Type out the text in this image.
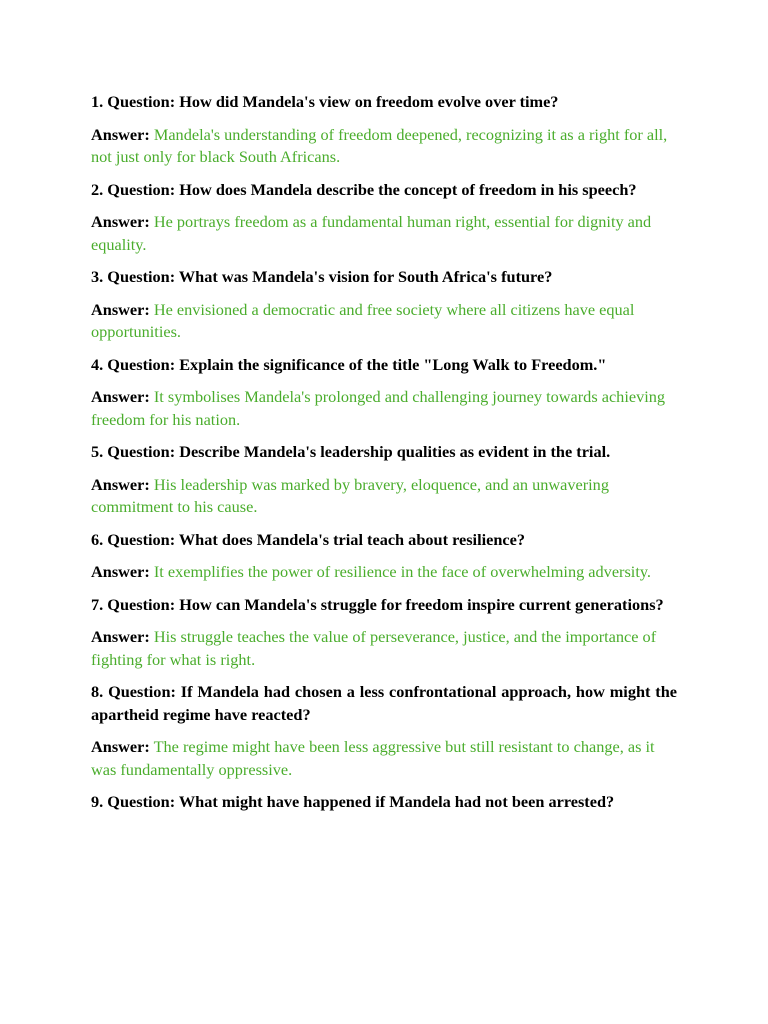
1. Question: How did Mandela's view on freedom evolve over time?

Answer: Mandela's understanding of freedom deepened, recognizing it as a right for all, not just only for black South Africans.

2. Question: How does Mandela describe the concept of freedom in his speech?

Answer: He portrays freedom as a fundamental human right, essential for dignity and equality.

3. Question: What was Mandela's vision for South Africa's future?

Answer: He envisioned a democratic and free society where all citizens have equal opportunities.

4. Question: Explain the significance of the title "Long Walk to Freedom."

Answer: It symbolises Mandela's prolonged and challenging journey towards achieving freedom for his nation.

5. Question: Describe Mandela's leadership qualities as evident in the trial.

Answer: His leadership was marked by bravery, eloquence, and an unwavering commitment to his cause.

6. Question: What does Mandela's trial teach about resilience?

Answer: It exemplifies the power of resilience in the face of overwhelming adversity.

7. Question: How can Mandela's struggle for freedom inspire current generations?

Answer: His struggle teaches the value of perseverance, justice, and the importance of fighting for what is right.

8. Question: If Mandela had chosen a less confrontational approach, how might the apartheid regime have reacted?

Answer: The regime might have been less aggressive but still resistant to change, as it was fundamentally oppressive.

9. Question: What might have happened if Mandela had not been arrested?
